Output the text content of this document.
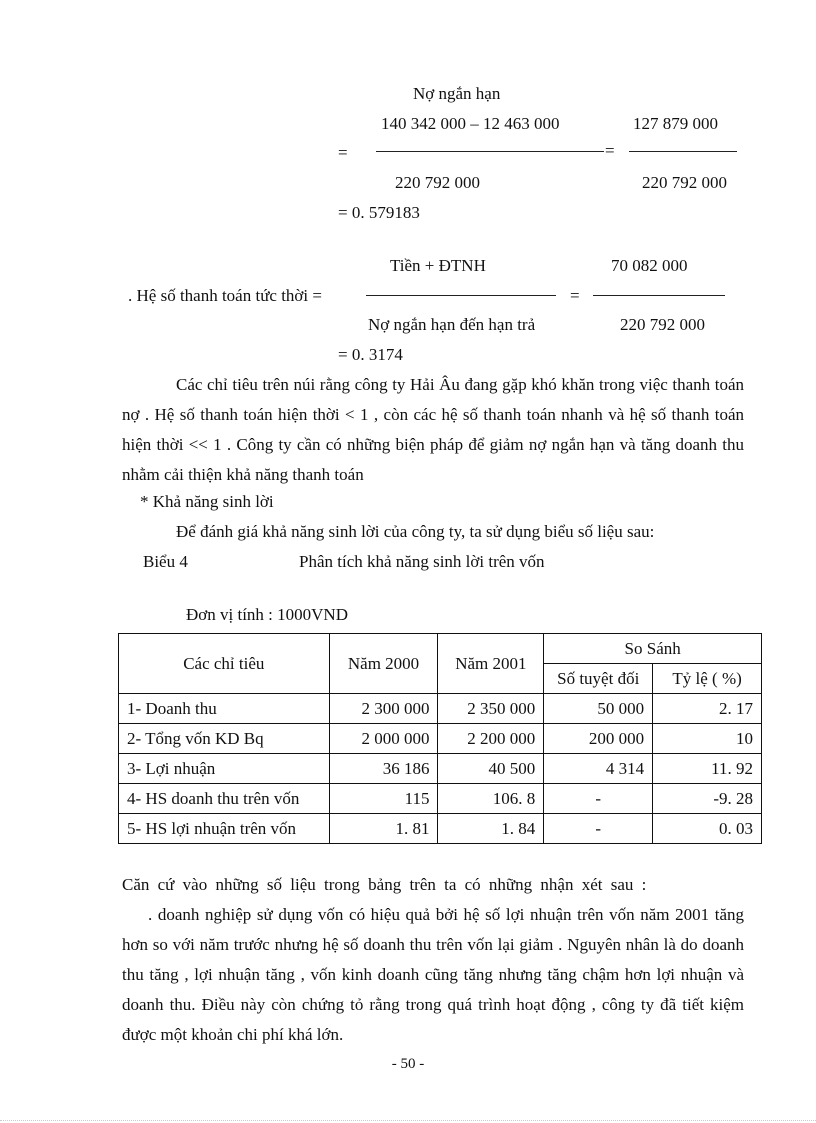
Nợ ngắn hạn
140 342 000 – 12 463 000	127 879 000
=	=
220 792 000	220 792 000
= 0. 579183
Tiền + ĐTNH	70 082 000
. Hệ số thanh toán tức thời =	=
Nợ ngắn hạn đến hạn trả	220 792 000
= 0. 3174
Các chỉ tiêu trên núi rằng công ty Hải Âu đang gặp khó khăn trong việc thanh toán nợ . Hệ số thanh toán hiện thời < 1 , còn các hệ số thanh toán nhanh và hệ số thanh toán hiện thời << 1 . Công ty cần có những biện pháp để giảm nợ ngắn hạn và tăng doanh thu nhằm cải thiện khả năng thanh toán
* Khả năng sinh lời
Để đánh giá khả năng sinh lời của công ty, ta sử dụng biểu số liệu sau:
Biểu 4	Phân tích khả năng sinh lời trên vốn
Đơn vị tính : 1000VND
Các chỉ tiêu	Năm 2000	Năm 2001	So Sánh	
			Số tuyệt đối	Tỷ lệ ( %)
1- Doanh thu	2 300 000	2 350 000	50 000	2. 17
2- Tổng vốn KD Bq	2 000 000	2 200 000	200 000	10
3- Lợi nhuận	36 186	40 500	4 314	11. 92
4- HS doanh thu trên vốn	115	106. 8	-	-9. 28
5- HS lợi nhuận trên vốn	1. 81	1. 84	-	0. 03
Căn cứ vào những số liệu trong bảng trên ta có những nhận xét sau :
. doanh nghiệp sử dụng vốn có hiệu quả bởi hệ số lợi nhuận trên vốn năm 2001 tăng hơn so với năm trước nhưng hệ số doanh thu trên vốn lại giảm . Nguyên nhân là do doanh thu tăng , lợi nhuận tăng , vốn kinh doanh cũng tăng nhưng tăng chậm hơn lợi nhuận và doanh thu. Điều này còn chứng tỏ rằng trong quá trình hoạt động , công ty đã tiết kiệm được một khoản chi phí khá lớn.
- 50 -
